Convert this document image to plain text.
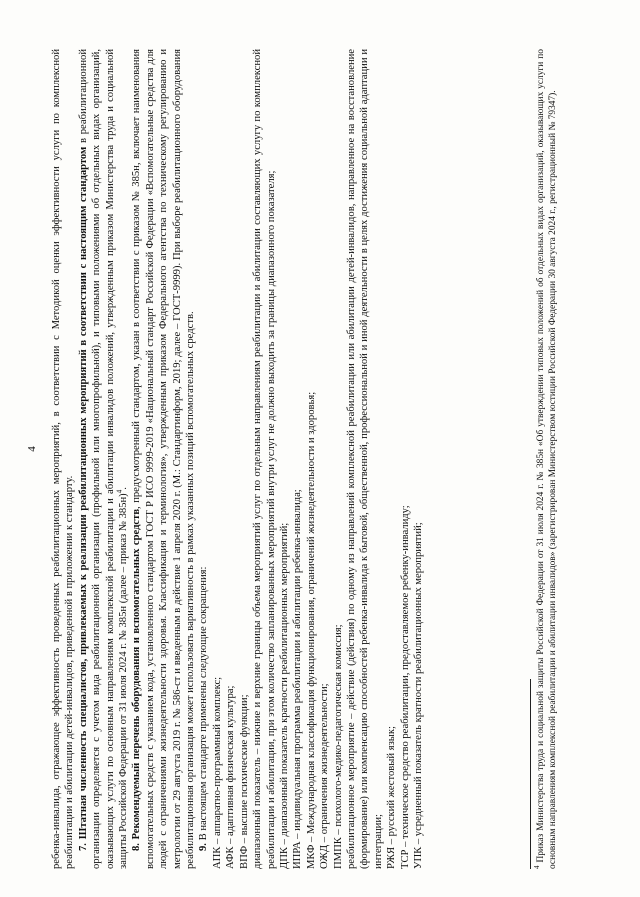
4 ребенка-инвалида, отражающее эффективность проведенных реабилитационных мероприятий, в соответствии с Методикой оценки эффективности услуги по комплексной реабилитации и абилитации детей-инвалидов, приведенной в приложении к стандарту. 7. Штатная численность специалистов, привлекаемых к реализации реабилитационных мероприятий в соответствии с настоящим стандартом в реабилитационной организации определяется с учетом вида реабилитационной организации (профильной или многопрофильной), и типовыми положениями об отдельных видах организаций, оказывающих услуги по основным направлениям комплексной реабилитации и абилитации инвалидов положений, утвержденным приказом Министерства труда и социальной защиты Российской Федерации от 31 июля 2024 г. № 385н (далее – приказ № 385н)$^4$.

8. Рекомендуемый перечень оборудования и вспомогательных средств, предусмотренный стандартом, указан в соответствии с приказом № 385н, включает наименования вспомогательных средств с указанием кода, установленного стандартом ГОСТ Р ИСО 9999-2019 «Национальный стандарт Российской Федерации «Вспомогательные средства для людей с ограничениями жизнедеятельности здоровья. Классификация и терминология», утвержденным приказом Федерального агентства по техническому регулированию и метрологии от 29 августа 2019 г. № 586-ст и введенным в действие 1 апреля 2020 г. (М.: Стандартинформ, 2019; далее – ГОСТ-9999). При выборе реабилитационного оборудования реабилитационная организация может использовать вариативность в рамках указанных позиций вспомогательных средств. 9. В настоящем стандарте применены следующие сокращения: АПК – аппаратно-программный комплекс; АФК – адаптивная физическая культура; ВПФ – высшие психические функции; диапазонный показатель – нижние и верхние границы объема мероприятий услуг по отдельным направлениям реабилитации и абилитации составляющих услугу по комплексной реабилитации и абилитации, при этом количество запланированных мероприятий внутри услуг не должно выходить за границы диапазонного показателя; ДПК – диапазонный показатель кратности реабилитационных мероприятий; ИПРА – индивидуальная программа реабилитации и абилитации ребенка-инвалида; МКФ – Международная классификация функционирования, ограничений жизнедеятельности и здоровья; ОЖД – ограничения жизнедеятельности; ПМПК – психолого-медико-педагогическая комиссия; реабилитационное мероприятие – действие (действия) по одному из направлений комплексной реабилитации или абилитации детей-инвалидов, направленное на восстановление (формирование) или компенсацию способностей ребенка-инвалида к бытовой, общественной, профессиональной и иной деятельности в целях достижения социальной адаптации и интеграции; РЖЯ – русский жестовый язык; ТСР – техническое средство реабилитации, предоставляемое ребенку-инвалиду; УПК – усредненный показатель кратности реабилитационных мероприятий;	$^4$ Приказ Министерства труда и социальной защиты Российской Федерации от 31 июля 2024 г. № 385н «Об утверждении типовых положений об отдельных видах организаций, оказывающих услуги по основным направлениям комплексной реабилитации и абилитации инвалидов» (зарегистрирован Министерством юстиции Российской Федерации 30 августа 2024 г., регистрационный № 79347).
